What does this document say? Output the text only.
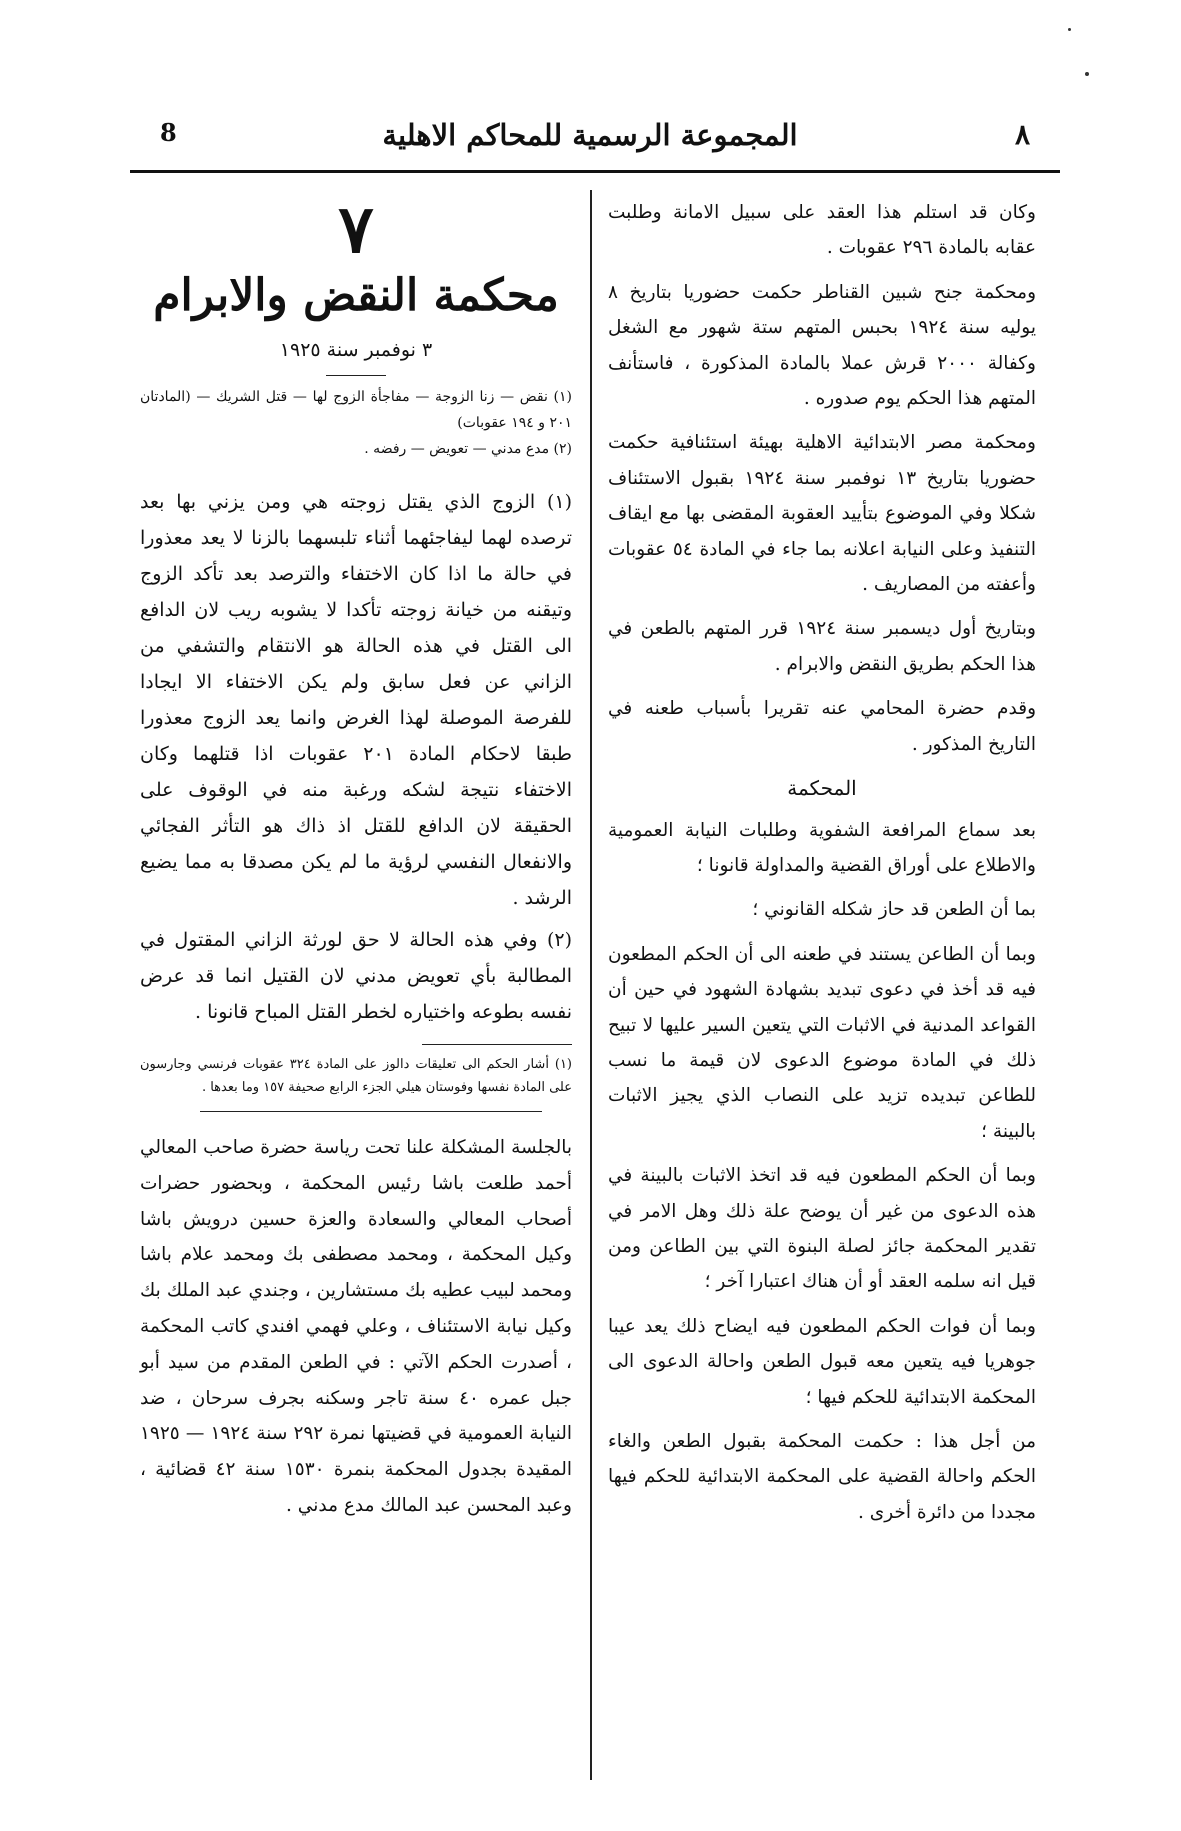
8	المجموعة الرسمية للمحاكم الاهلية	٨

وكان قد استلم هذا العقد على سبيل الامانة وطلبت عقابه بالمادة ٢٩٦ عقوبات .

ومحكمة جنح شبين القناطر حكمت حضوريا بتاريخ ٨ يوليه سنة ١٩٢٤ بحبس المتهم ستة شهور مع الشغل وكفالة ٢٠٠٠ قرش عملا بالمادة المذكورة ، فاستأنف المتهم هذا الحكم يوم صدوره .

ومحكمة مصر الابتدائية الاهلية بهيئة استئنافية حكمت حضوريا بتاريخ ١٣ نوفمبر سنة ١٩٢٤ بقبول الاستئناف شكلا وفي الموضوع بتأييد العقوبة المقضى بها مع ايقاف التنفيذ وعلى النيابة اعلانه بما جاء في المادة ٥٤ عقوبات وأعفته من المصاريف .

وبتاريخ أول ديسمبر سنة ١٩٢٤ قرر المتهم بالطعن في هذا الحكم بطريق النقض والابرام .

وقدم حضرة المحامي عنه تقريرا بأسباب طعنه في التاريخ المذكور .

المحكمة

بعد سماع المرافعة الشفوية وطلبات النيابة العمومية والاطلاع على أوراق القضية والمداولة قانونا ؛

بما أن الطعن قد حاز شكله القانوني ؛

وبما أن الطاعن يستند في طعنه الى أن الحكم المطعون فيه قد أخذ في دعوى تبديد بشهادة الشهود في حين أن القواعد المدنية في الاثبات التي يتعين السير عليها لا تبيح ذلك في المادة موضوع الدعوى لان قيمة ما نسب للطاعن تبديده تزيد على النصاب الذي يجيز الاثبات بالبينة ؛

وبما أن الحكم المطعون فيه قد اتخذ الاثبات بالبينة في هذه الدعوى من غير أن يوضح علة ذلك وهل الامر في تقدير المحكمة جائز لصلة البنوة التي بين الطاعن ومن قيل انه سلمه العقد أو أن هناك اعتبارا آخر ؛

وبما أن فوات الحكم المطعون فيه ايضاح ذلك يعد عيبا جوهريا فيه يتعين معه قبول الطعن واحالة الدعوى الى المحكمة الابتدائية للحكم فيها ؛

من أجل هذا : حكمت المحكمة بقبول الطعن والغاء الحكم واحالة القضية على المحكمة الابتدائية للحكم فيها مجددا من دائرة أخرى .

٧
محكمة النقض والابرام
٣ نوفمبر سنة ١٩٢٥

(١) نقض — زنا الزوجة — مفاجأة الزوج لها — قتل الشريك — (المادتان ٢٠١ و ١٩٤ عقوبات)

(٢) مدع مدني — تعويض — رفضه .

(١) الزوج الذي يقتل زوجته هي ومن يزني بها بعد ترصده لهما ليفاجئهما أثناء تلبسهما بالزنا لا يعد معذورا في حالة ما اذا كان الاختفاء والترصد بعد تأكد الزوج وتيقنه من خيانة زوجته تأكدا لا يشوبه ريب لان الدافع الى القتل في هذه الحالة هو الانتقام والتشفي من الزاني عن فعل سابق ولم يكن الاختفاء الا ايجادا للفرصة الموصلة لهذا الغرض وانما يعد الزوج معذورا طبقا لاحكام المادة ٢٠١ عقوبات اذا قتلهما وكان الاختفاء نتيجة لشكه ورغبة منه في الوقوف على الحقيقة لان الدافع للقتل اذ ذاك هو التأثر الفجائي والانفعال النفسي لرؤية ما لم يكن مصدقا به مما يضيع الرشد .

(٢) وفي هذه الحالة لا حق لورثة الزاني المقتول في المطالبة بأي تعويض مدني لان القتيل انما قد عرض نفسه بطوعه واختياره لخطر القتل المباح قانونا .

(١) أشار الحكم الى تعليقات دالوز على المادة ٣٢٤ عقوبات فرنسي وجارسون على المادة نفسها وفوستان هيلي الجزء الرابع صحيفة ١٥٧ وما بعدها .

بالجلسة المشكلة علنا تحت رياسة حضرة صاحب المعالي أحمد طلعت باشا رئيس المحكمة ، وبحضور حضرات أصحاب المعالي والسعادة والعزة حسين درويش باشا وكيل المحكمة ، ومحمد مصطفى بك ومحمد علام باشا ومحمد لبيب عطيه بك مستشارين ، وجندي عبد الملك بك وكيل نيابة الاستئناف ، وعلي فهمي افندي كاتب المحكمة ، أصدرت الحكم الآتي : في الطعن المقدم من سيد أبو جبل عمره ٤٠ سنة تاجر وسكنه بجرف سرحان ، ضد النيابة العمومية في قضيتها نمرة ٢٩٢ سنة ١٩٢٤ — ١٩٢٥ المقيدة بجدول المحكمة بنمرة ١٥٣٠ سنة ٤٢ قضائية ، وعبد المحسن عبد المالك مدع مدني .
